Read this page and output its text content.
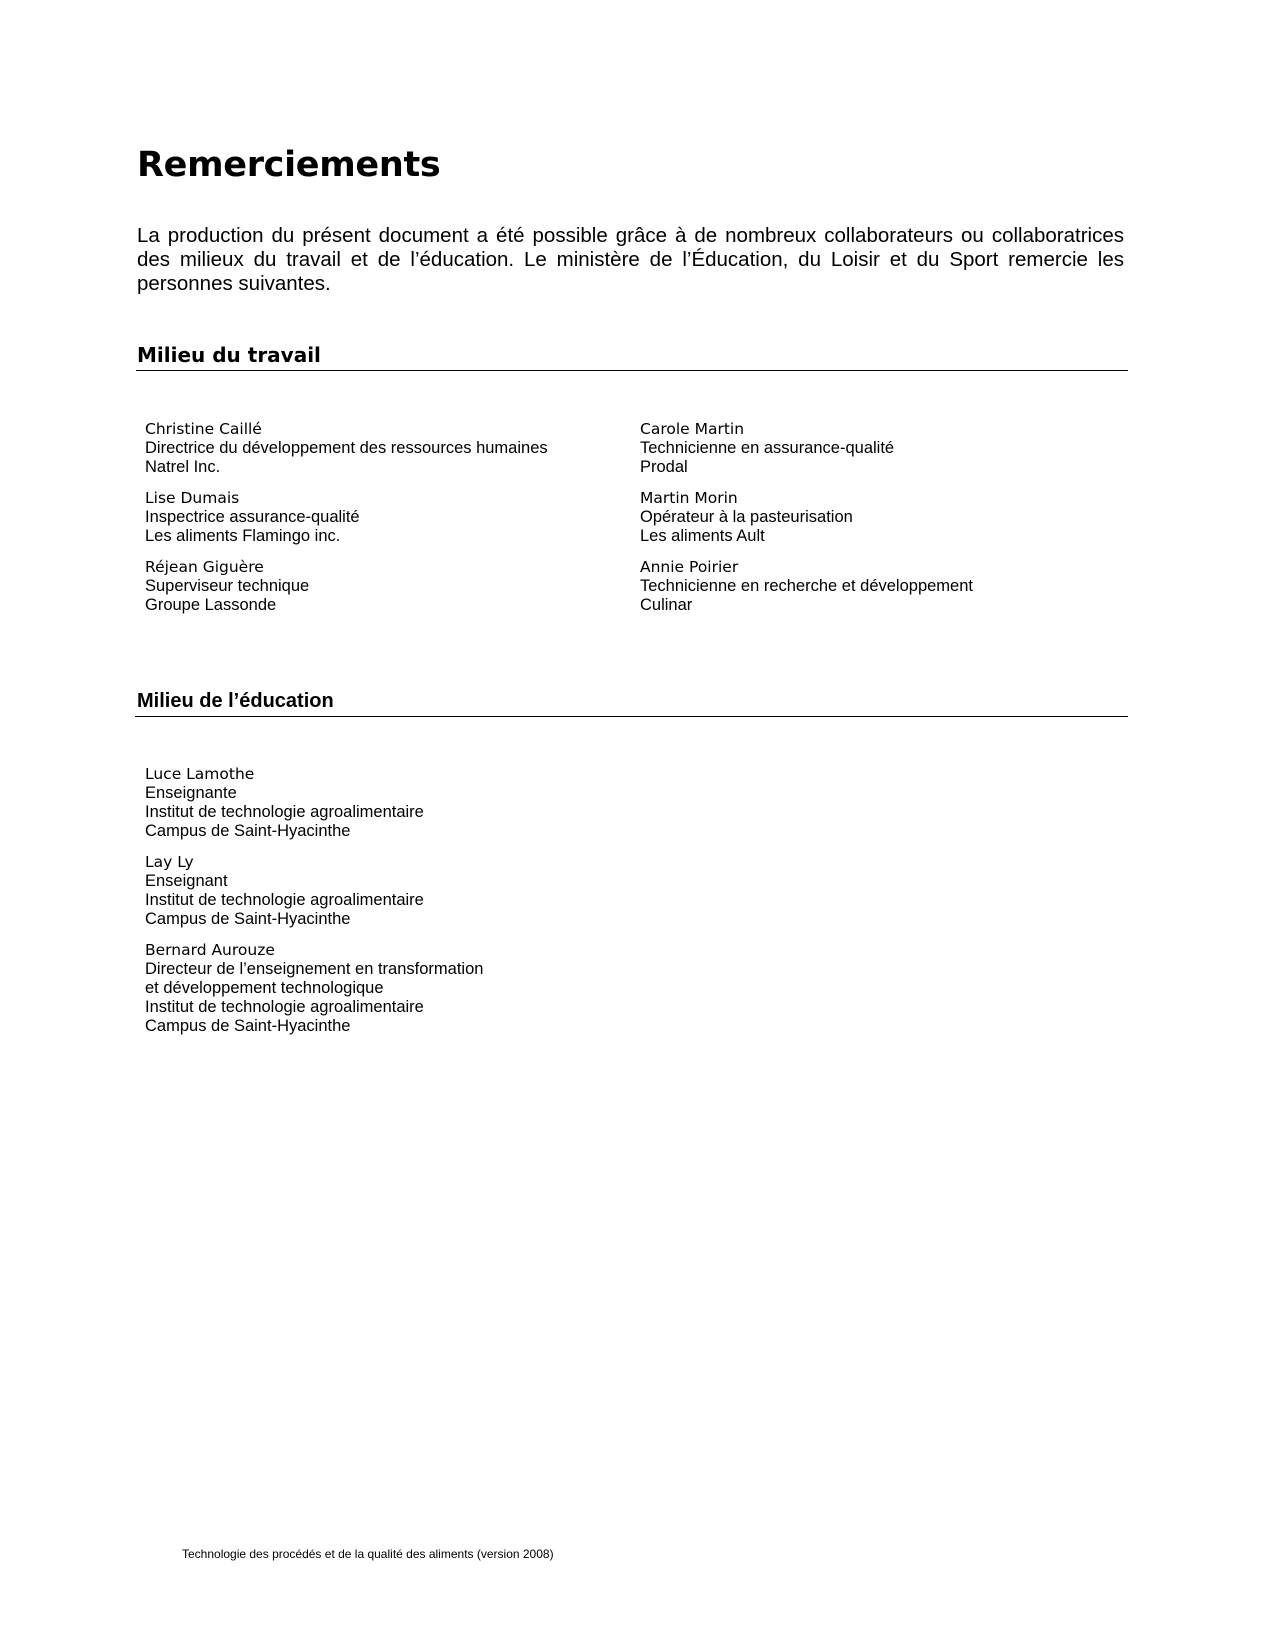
Remerciements

La production du présent document a été possible grâce à de nombreux collaborateurs ou collaboratrices des milieux du travail et de l’éducation. Le ministère de l’Éducation, du Loisir et du Sport remercie les personnes suivantes.

Milieu du travail
Christine Caillé
Directrice du développement des ressources humaines
Natrel Inc.
Lise Dumais
Inspectrice assurance-qualité
Les aliments Flamingo inc.
Réjean Giguère
Superviseur technique
Groupe Lassonde
Carole Martin
Technicienne en assurance-qualité
Prodal
Martin Morin
Opérateur à la pasteurisation
Les aliments Ault
Annie Poirier
Technicienne en recherche et développement
Culinar
Milieu de l’éducation
Luce Lamothe
Enseignante
Institut de technologie agroalimentaire
Campus de Saint-Hyacinthe
Lay Ly
Enseignant
Institut de technologie agroalimentaire
Campus de Saint-Hyacinthe
Bernard Aurouze
Directeur de l’enseignement en transformation
et développement technologique
Institut de technologie agroalimentaire
Campus de Saint-Hyacinthe

Technologie des procédés et de la qualité des aliments (version 2008)
